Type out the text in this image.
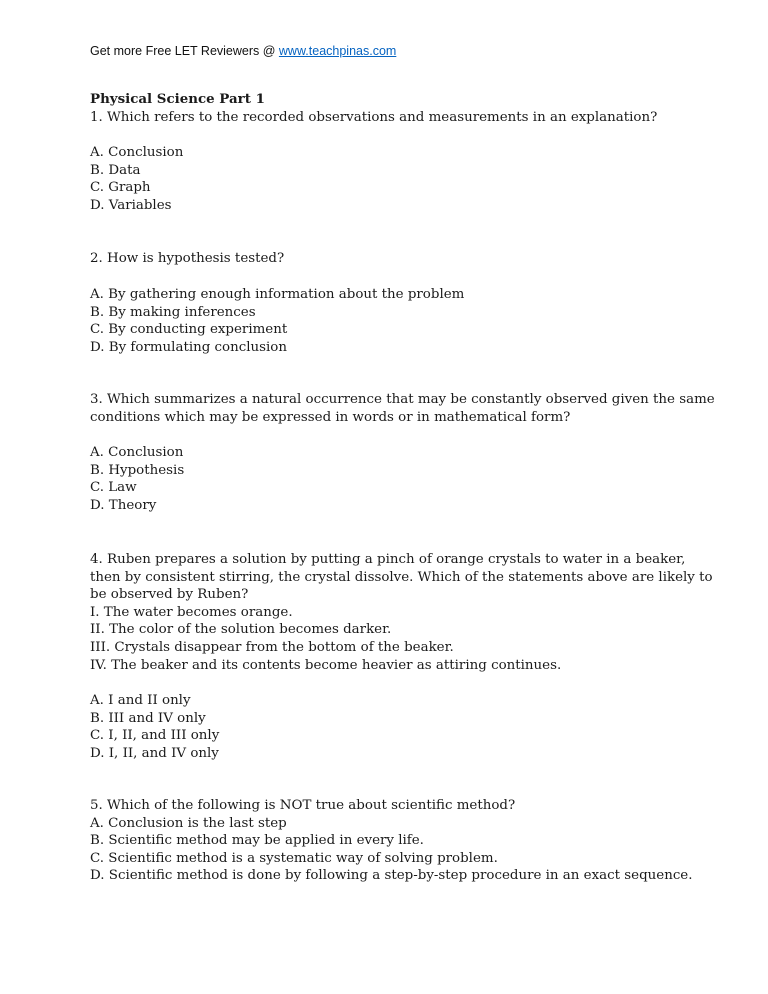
Get more Free LET Reviewers @ www.teachpinas.com
Physical Science Part 1
1. Which refers to the recorded observations and measurements in an explanation?
A. Conclusion
B. Data
C. Graph
D. Variables
2. How is hypothesis tested?
A. By gathering enough information about the problem
B. By making inferences
C. By conducting experiment
D. By formulating conclusion
3. Which summarizes a natural occurrence that may be constantly observed given the same
conditions which may be expressed in words or in mathematical form?
A. Conclusion
B. Hypothesis
C. Law
D. Theory
4. Ruben prepares a solution by putting a pinch of orange crystals to water in a beaker,
then by consistent stirring, the crystal dissolve. Which of the statements above are likely to
be observed by Ruben?
I. The water becomes orange.
II. The color of the solution becomes darker.
III. Crystals disappear from the bottom of the beaker.
IV. The beaker and its contents become heavier as attiring continues.
A. I and II only
B. III and IV only
C. I, II, and III only
D. I, II, and IV only
5. Which of the following is NOT true about scientific method?
A. Conclusion is the last step
B. Scientific method may be applied in every life.
C. Scientific method is a systematic way of solving problem.
D. Scientific method is done by following a step-by-step procedure in an exact sequence.
